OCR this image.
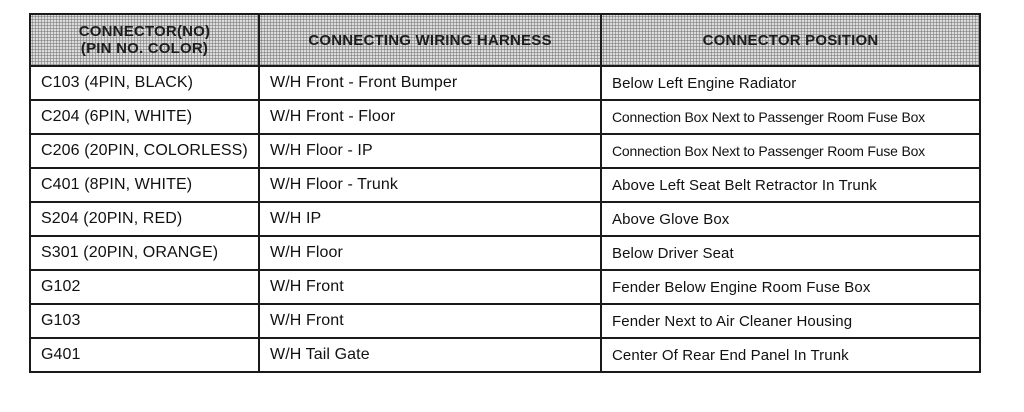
CONNECTOR(NO)
(PIN NO. COLOR)	CONNECTING WIRING HARNESS	CONNECTOR POSITION
C103 (4PIN, BLACK)	W/H Front - Front Bumper	Below Left Engine Radiator
C204 (6PIN, WHITE)	W/H Front - Floor	Connection Box Next to Passenger Room Fuse Box
C206 (20PIN, COLORLESS)	W/H Floor - IP	Connection Box Next to Passenger Room Fuse Box
C401 (8PIN, WHITE)	W/H Floor - Trunk	Above Left Seat Belt Retractor In Trunk
S204 (20PIN, RED)	W/H IP	Above Glove Box
S301 (20PIN, ORANGE)	W/H Floor	Below Driver Seat
G102	W/H Front	Fender Below Engine Room Fuse Box
G103	W/H Front	Fender Next to Air Cleaner Housing
G401	W/H Tail Gate	Center Of Rear End Panel In Trunk
